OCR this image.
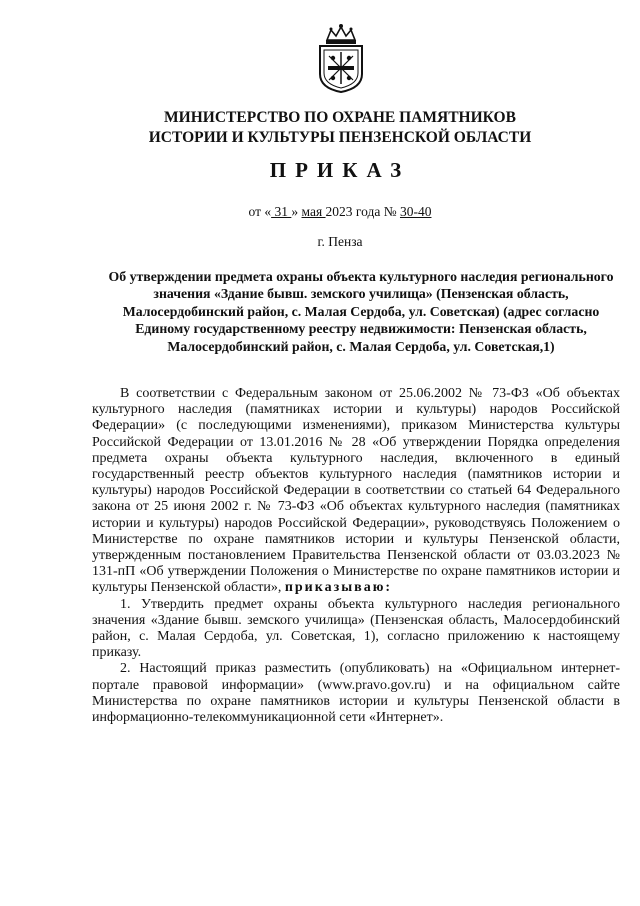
МИНИСТЕРСТВО ПО ОХРАНЕ ПАМЯТНИКОВ
ИСТОРИИ И КУЛЬТУРЫ ПЕНЗЕНСКОЙ ОБЛАСТИ
ПРИКАЗ
от « 31 » мая 2023 года № 30-40
г. Пенза
Об утверждении предмета охраны объекта культурного наследия регионального значения «Здание бывш. земского училища» (Пензенская область, Малосердобинский район, с. Малая Сердоба, ул. Советская) (адрес согласно Единому государственному реестру недвижимости: Пензенская область, Малосердобинский район, с. Малая Сердоба, ул. Советская,1)

В соответствии с Федеральным законом от 25.06.2002 № 73-ФЗ «Об объектах культурного наследия (памятниках истории и культуры) народов Российской Федерации» (с последующими изменениями), приказом Министерства культуры Российской Федерации от 13.01.2016 № 28 «Об утверждении Порядка определения предмета охраны объекта культурного наследия, включенного в единый государственный реестр объектов культурного наследия (памятников истории и культуры) народов Российской Федерации в соответствии со статьей 64 Федерального закона от 25 июня 2002 г. № 73-ФЗ «Об объектах культурного наследия (памятниках истории и культуры) народов Российской Федерации», руководствуясь Положением о Министерстве по охране памятников истории и культуры Пензенской области, утвержденным постановлением Правительства Пензенской области от 03.03.2023 № 131-пП «Об утверждении Положения о Министерстве по охране памятников истории и культуры Пензенской области», приказываю:

1. Утвердить предмет охраны объекта культурного наследия регионального значения «Здание бывш. земского училища» (Пензенская область, Малосердобинский район, с. Малая Сердоба, ул. Советская, 1), согласно приложению к настоящему приказу.

2. Настоящий приказ разместить (опубликовать) на «Официальном интернет-портале правовой информации» (www.pravo.gov.ru) и на официальном сайте Министерства по охране памятников истории и культуры Пензенской области в информационно-телекоммуникационной сети «Интернет».
